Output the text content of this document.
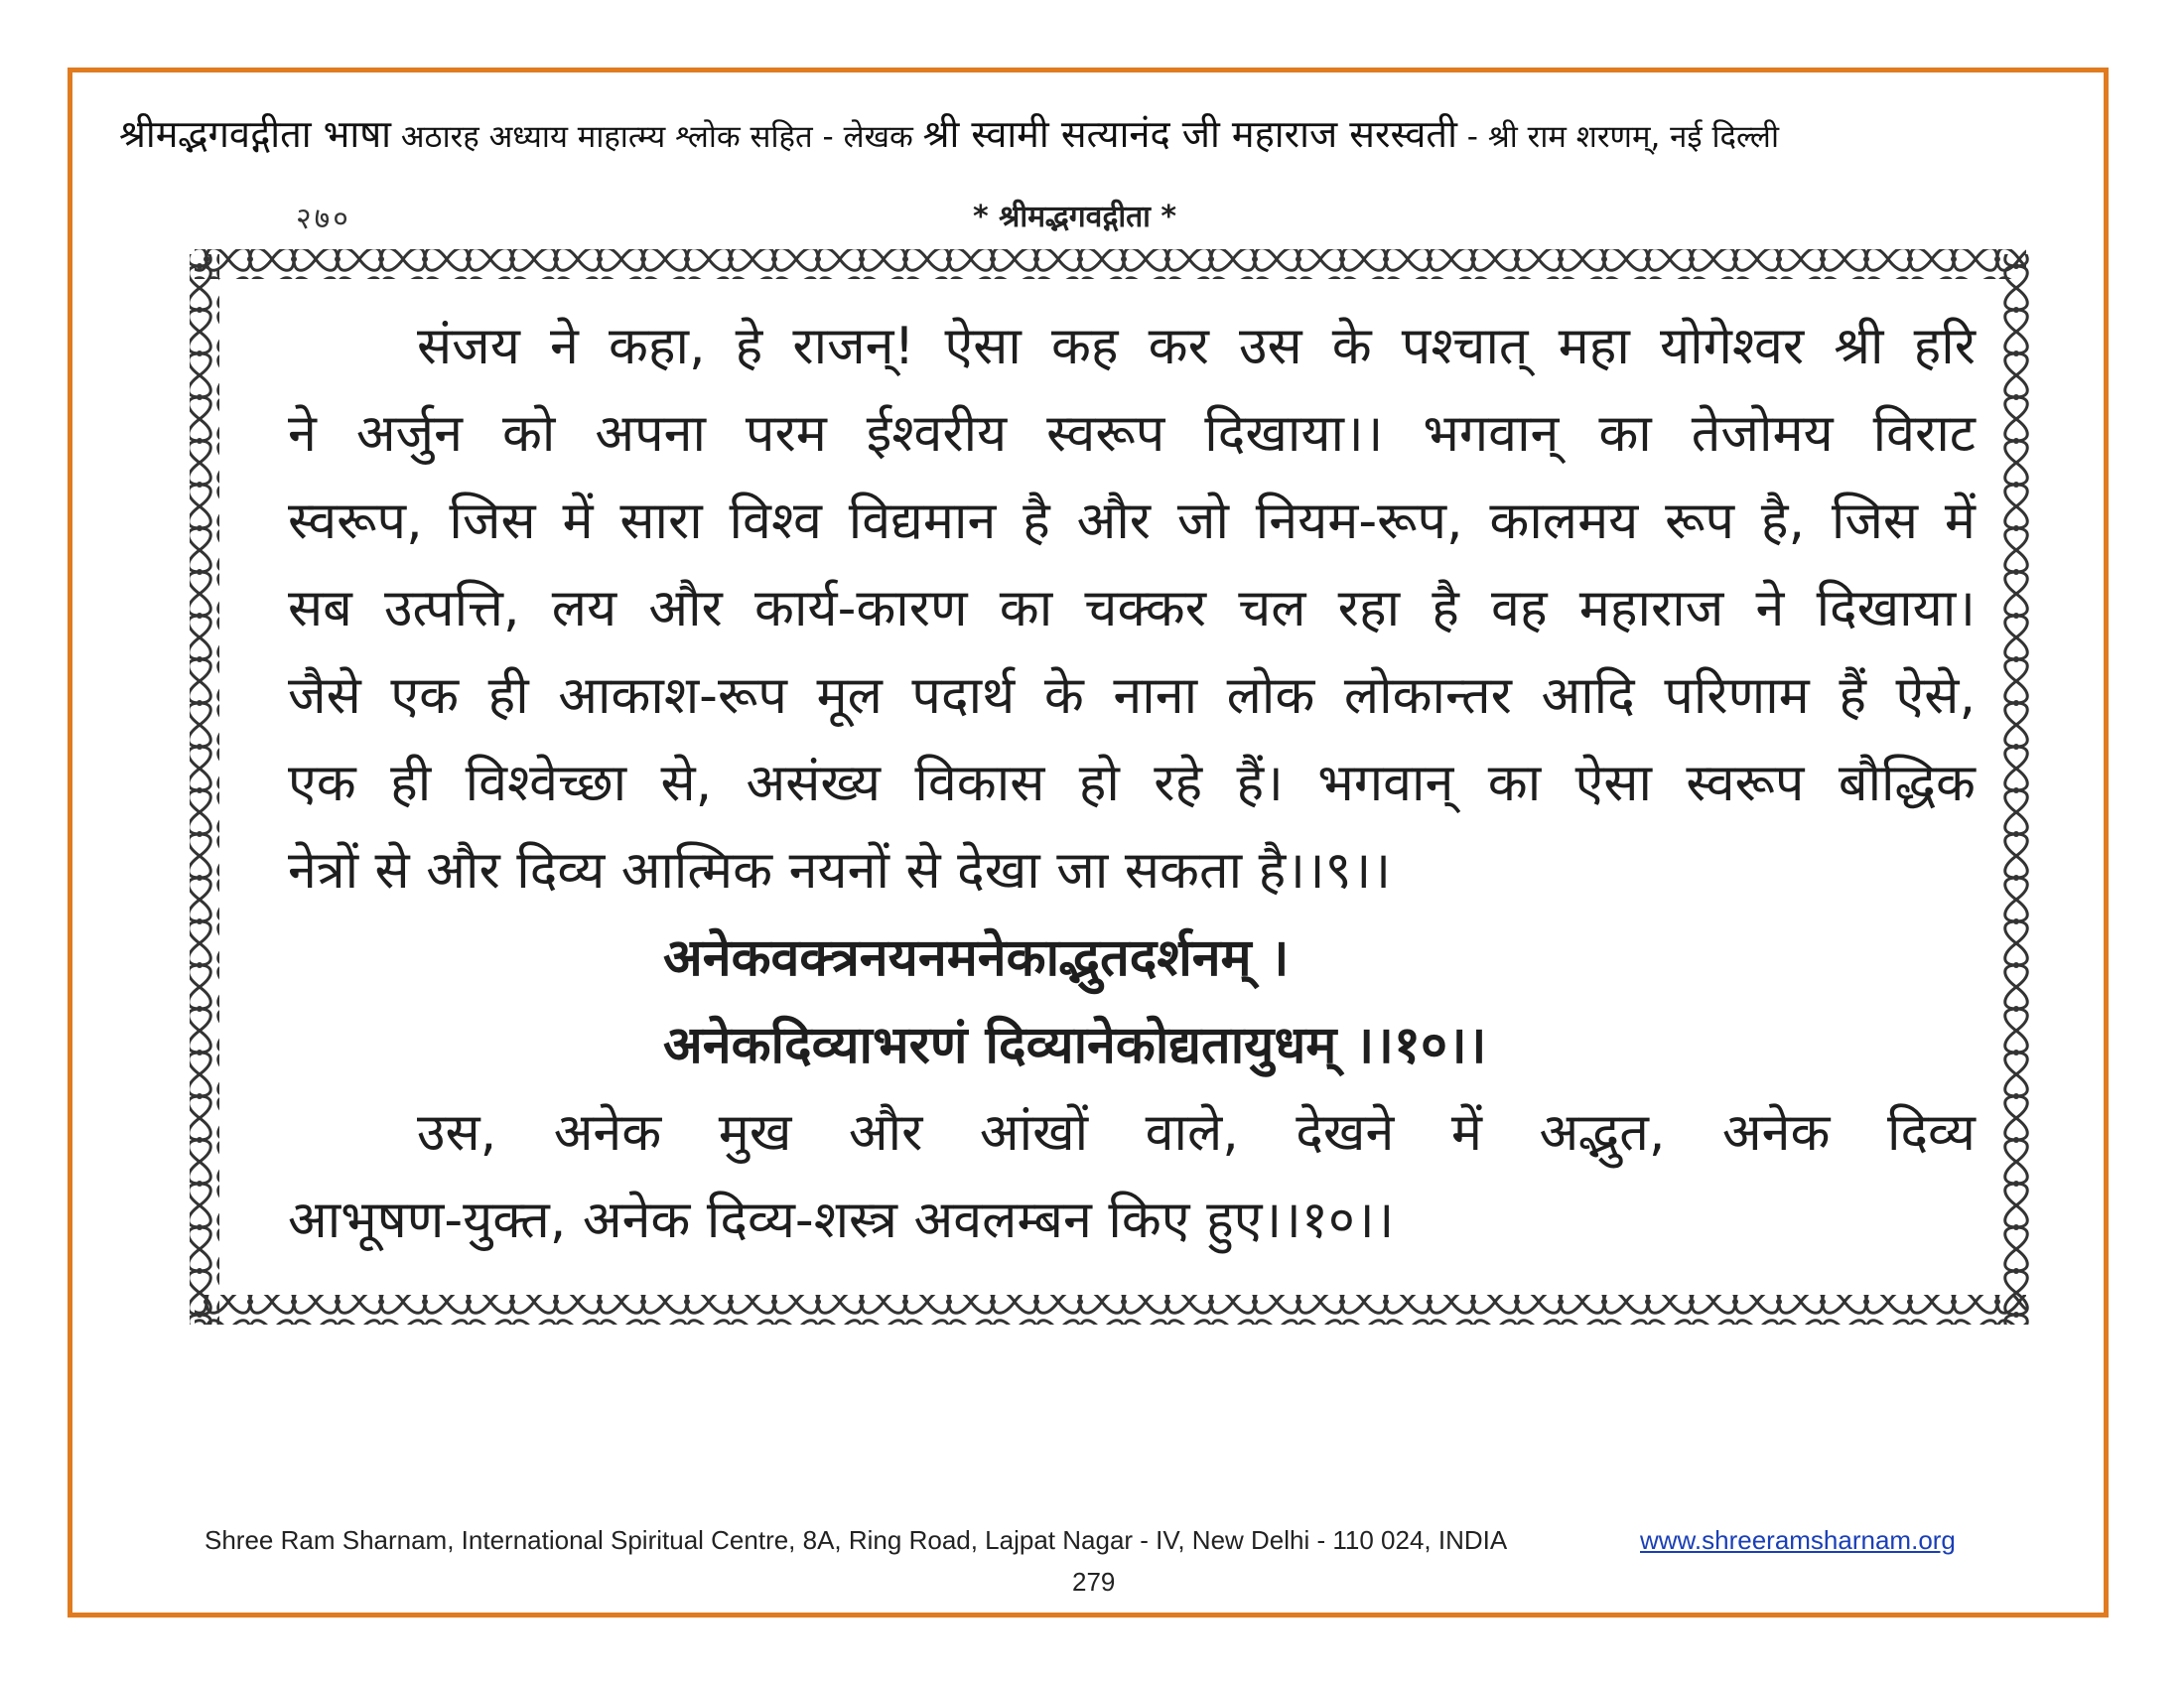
श्रीमद्भगवद्गीता भाषा अठारह अध्याय माहात्म्य श्लोक सहित - लेखक श्री स्वामी सत्यानंद जी महाराज सरस्वती - श्री राम शरणम्, नई दिल्ली
२७०	* श्रीमद्भगवद्गीता *
संजय ने कहा, हे राजन्! ऐसा कह कर उस के पश्चात् महा योगेश्वर श्री हरि
ने अर्जुन को अपना परम ईश्वरीय स्वरूप दिखाया।। भगवान् का तेजोमय विराट
स्वरूप, जिस में सारा विश्व विद्यमान है और जो नियम-रूप, कालमय रूप है, जिस में
सब उत्पत्ति, लय और कार्य-कारण का चक्कर चल रहा है वह महाराज ने दिखाया।
जैसे एक ही आकाश-रूप मूल पदार्थ के नाना लोक लोकान्तर आदि परिणाम हैं ऐसे,
एक ही विश्वेच्छा से, असंख्य विकास हो रहे हैं। भगवान् का ऐसा स्वरूप बौद्धिक
नेत्रों से और दिव्य आत्मिक नयनों से देखा जा सकता है।।९।।
अनेकवक्त्रनयनमनेकाद्भुतदर्शनम् ।
अनेकदिव्याभरणं दिव्यानेकोद्यतायुधम् ।।१०।।
उस, अनेक मुख और आंखों वाले, देखने में अद्भुत, अनेक दिव्य
आभूषण-युक्त, अनेक दिव्य-शस्त्र अवलम्बन किए हुए।।१०।।
Shree Ram Sharnam, International Spiritual Centre, 8A, Ring Road, Lajpat Nagar - IV, New Delhi - 110 024, INDIA	www.shreeramsharnam.org
279
